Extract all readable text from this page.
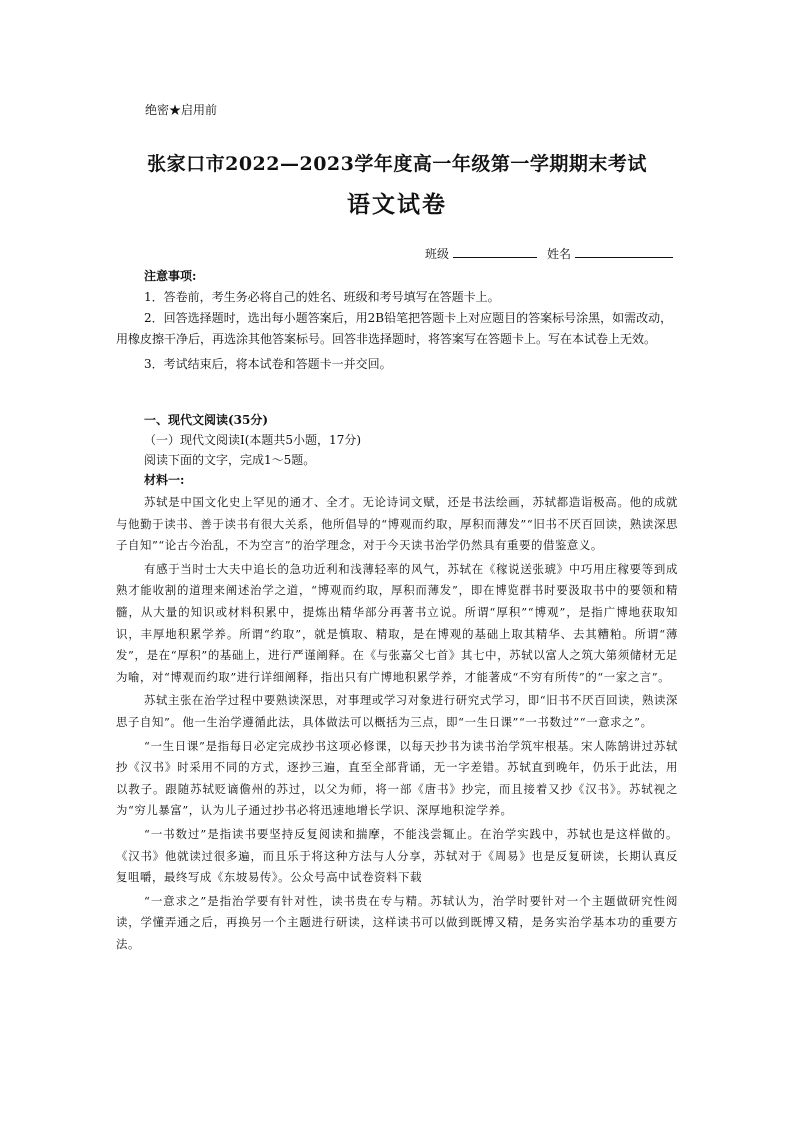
绝密★启用前
张家口市2022—2023学年度高一年级第一学期期末考试
语文试卷
班级	姓名

注意事项:

1．答卷前，考生务必将自己的姓名、班级和考号填写在答题卡上。

2．回答选择题时，选出每小题答案后，用2B铅笔把答题卡上对应题目的答案标号涂黑，如需改动，用橡皮擦干净后，再选涂其他答案标号。回答非选择题时，将答案写在答题卡上。写在本试卷上无效。

3．考试结束后，将本试卷和答题卡一并交回。

一、现代文阅读(35分)

（一）现代文阅读Ⅰ(本题共5小题，17分)

阅读下面的文字，完成1～5题。

材料一:

苏轼是中国文化史上罕见的通才、全才。无论诗词文赋，还是书法绘画，苏轼都造诣极高。他的成就与他勤于读书、善于读书有很大关系，他所倡导的“博观而约取，厚积而薄发”“旧书不厌百回读，熟读深思子自知”“论古今治乱，不为空言”的治学理念，对于今天读书治学仍然具有重要的借鉴意义。

有感于当时士大夫中追长的急功近利和浅薄轻率的风气，苏轼在《稼说送张琥》中巧用庄稼要等到成熟才能收割的道理来阐述治学之道，“博观而约取，厚积而薄发”，即在博览群书时要汲取书中的要领和精髓，从大量的知识或材料积累中，提炼出精华部分再著书立说。所谓“厚积”“博观”，是指广博地获取知识，丰厚地积累学养。所谓“约取”，就是慎取、精取，是在博观的基础上取其精华、去其糟粕。所谓“薄发”，是在“厚积”的基础上，进行严谨阐释。在《与张嘉父七首》其七中，苏轼以富人之筑大第须储材无足为喻，对“博观而约取”进行详细阐释，指出只有广博地积累学养，才能著成“不穷有所传”的“一家之言”。

苏轼主张在治学过程中要熟读深思，对事理或学习对象进行研究式学习，即“旧书不厌百回读，熟读深思子自知”。他一生治学遵循此法，具体做法可以概括为三点，即“一生日课”“一书数过”“一意求之”。

“一生日课”是指每日必定完成抄书这项必修课，以每天抄书为读书治学筑牢根基。宋人陈鹄讲过苏轼抄《汉书》时采用不同的方式，逐抄三遍，直至全部背诵，无一字差错。苏轼直到晚年，仍乐于此法，用以教子。跟随苏轼贬谪儋州的苏过，以父为师，将一部《唐书》抄完，而且接着又抄《汉书》。苏轼视之为“穷儿暴富”，认为儿子通过抄书必将迅速地增长学识、深厚地积淀学养。

“一书数过”是指读书要坚持反复阅读和揣摩，不能浅尝辄止。在治学实践中，苏轼也是这样做的。《汉书》他就读过很多遍，而且乐于将这种方法与人分享，苏轼对于《周易》也是反复研读，长期认真反复咀嚼，最终写成《东坡易传》。公众号高中试卷资料下载

“一意求之”是指治学要有针对性，读书贵在专与精。苏轼认为，治学时要针对一个主题做研究性阅读，学懂弄通之后，再换另一个主题进行研读，这样读书可以做到既博又精，是务实治学基本功的重要方法。
